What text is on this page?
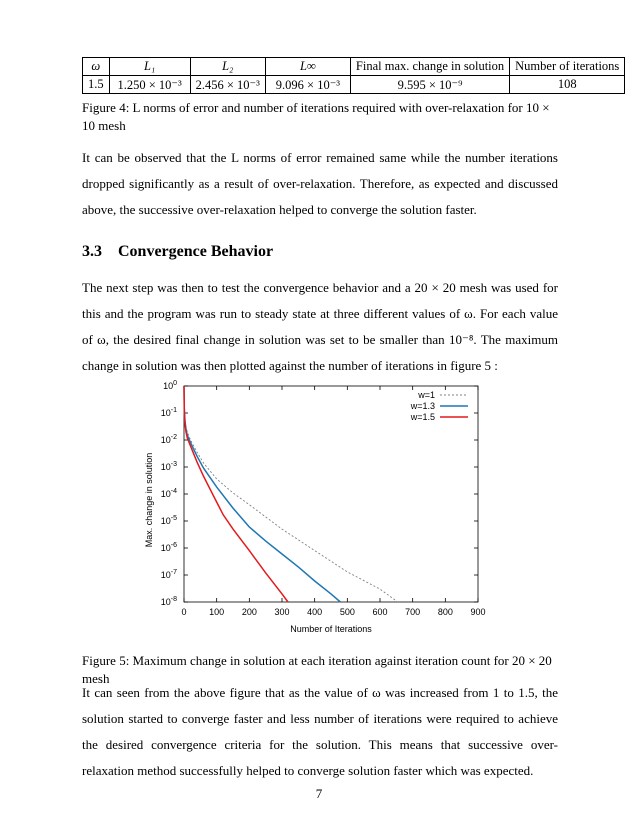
ω	L₁	L₂	L∞	Final max. change in solution	Number of iterations
1.5	1.250 × 10⁻³	2.456 × 10⁻³	9.096 × 10⁻³	9.595 × 10⁻⁹	108
Figure 4: L norms of error and number of iterations required with over-relaxation for 10 × 10 mesh
It can be observed that the L norms of error remained same while the number iterations dropped significantly as a result of over-relaxation. Therefore, as expected and discussed above, the successive over-relaxation helped to converge the solution faster.
3.3 Convergence Behavior
The next step was then to test the convergence behavior and a 20 × 20 mesh was used for this and the program was run to steady state at three different values of ω. For each value of ω, the desired final change in solution was set to be smaller than 10⁻⁸. The maximum change in solution was then plotted against the number of iterations in figure 5 :
$10^0$
$10^{-1}$
$10^{-2}$
$10^{-3}$
$10^{-4}$
$10^{-5}$
$10^{-6}$
$10^{-7}$
$10^{-8}$
0	100 200 300 400 500 600 700 800 900
w=1
w=1.3
w=1.5
Number of Iterations
Max. change in solution
Figure 5: Maximum change in solution at each iteration against iteration count for 20 × 20 mesh
It can seen from the above figure that as the value of ω was increased from 1 to 1.5, the solution started to converge faster and less number of iterations were required to achieve the desired convergence criteria for the solution. This means that successive over-relaxation method successfully helped to converge solution faster which was expected.
7
